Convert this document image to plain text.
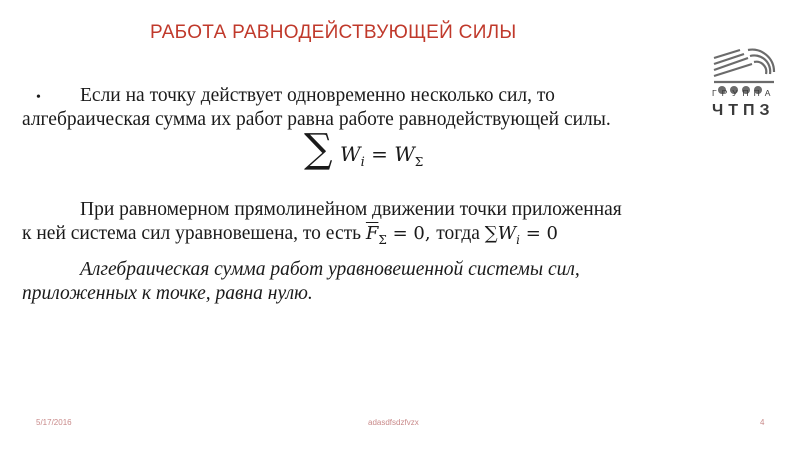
РАБОТА РАВНОДЕЙСТВУЮЩЕЙ СИЛЫ
ГРУППА
ЧТПЗ
• Если на точку действует одновременно несколько сил, то
алгебраическая сумма их работ равна работе равнодействующей силы.
∑ $W_i = W_\Sigma$
При равномерном прямолинейном движении точки приложенная
к ней система сил уравновешена, то есть $\overline{F}_\Sigma = 0$, тогда $\sum W_i = 0$
Алгебраическая сумма работ уравновешенной системы сил,
приложенных к точке, равна нулю.
5/17/2016	adasdfsdzfvzx	4
